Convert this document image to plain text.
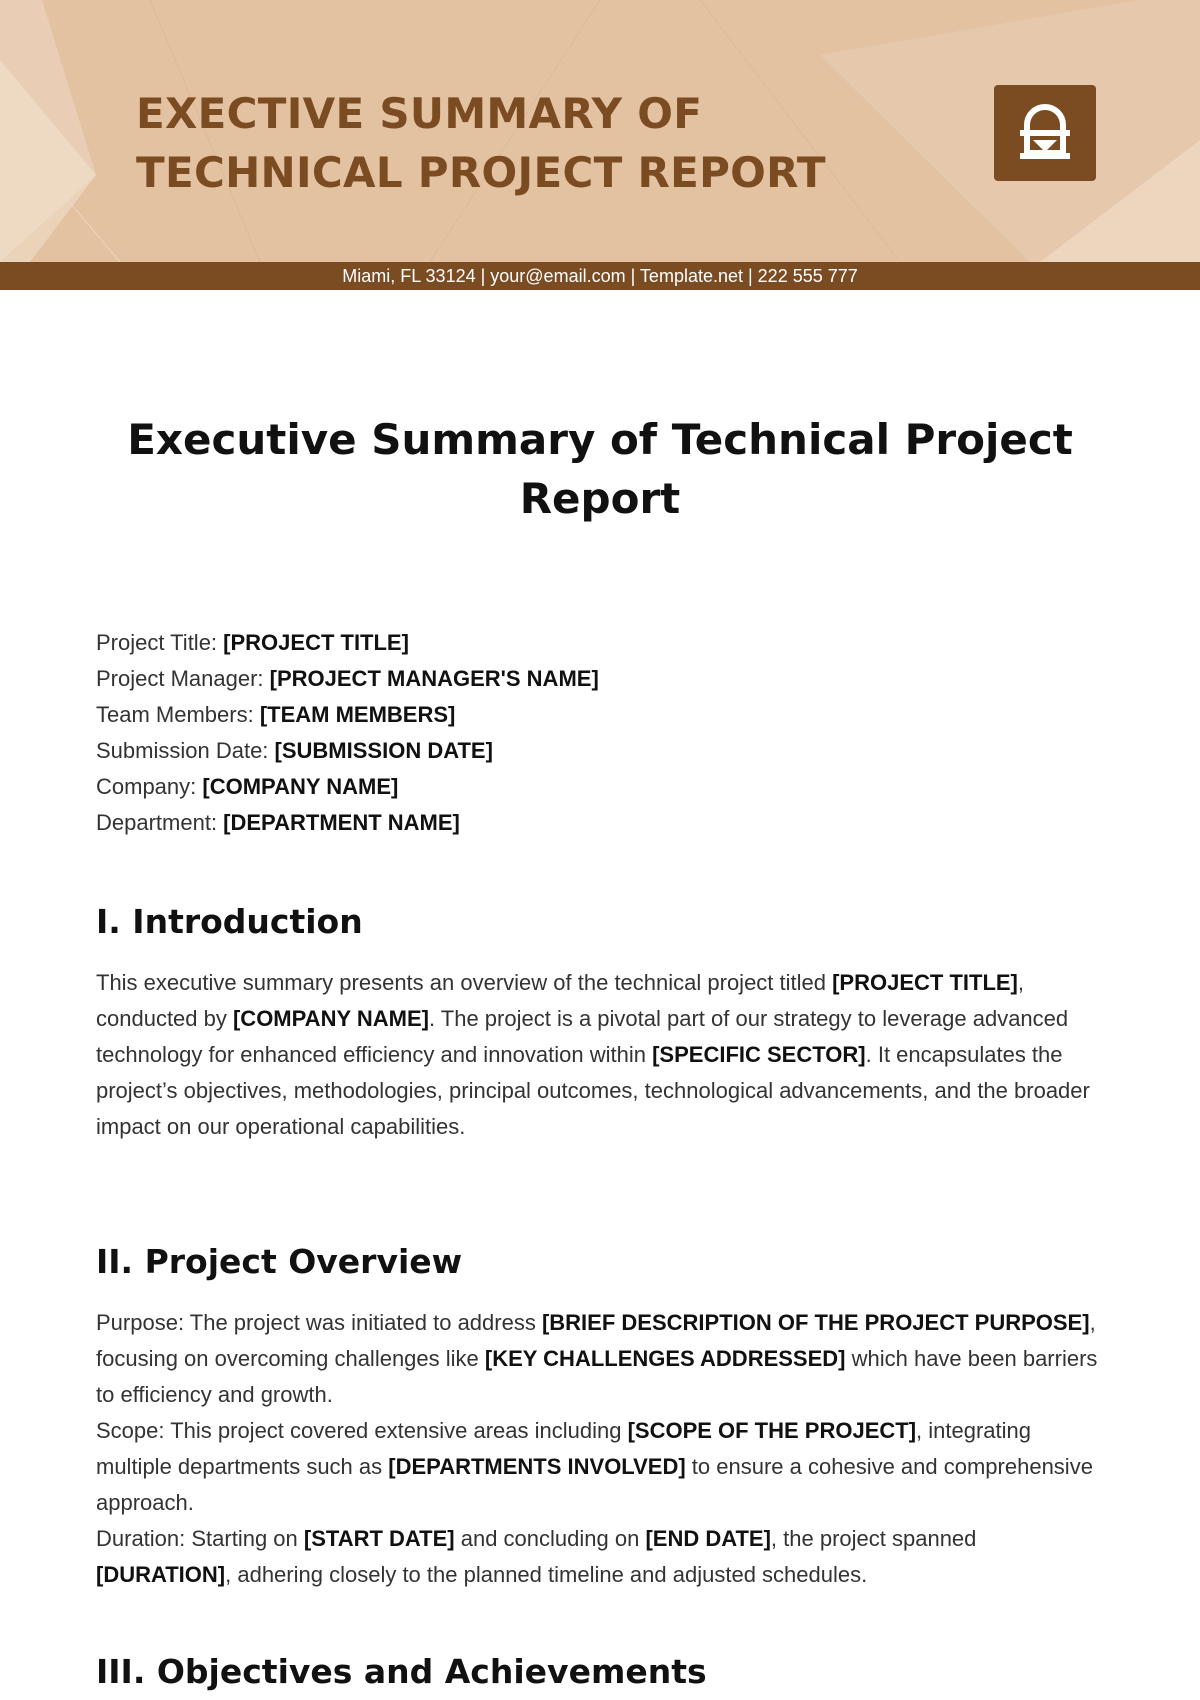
EXECTIVE SUMMARY OF
TECHNICAL PROJECT REPORT
Miami, FL 33124 | your@email.com | Template.net | 222 555 777
Executive Summary of Technical Project Report
Project Title: [PROJECT TITLE]
Project Manager: [PROJECT MANAGER'S NAME]
Team Members: [TEAM MEMBERS]
Submission Date: [SUBMISSION DATE]
Company: [COMPANY NAME]
Department: [DEPARTMENT NAME]
I. Introduction
This executive summary presents an overview of the technical project titled [PROJECT TITLE], conducted by [COMPANY NAME]. The project is a pivotal part of our strategy to leverage advanced technology for enhanced efficiency and innovation within [SPECIFIC SECTOR]. It encapsulates the project’s objectives, methodologies, principal outcomes, technological advancements, and the broader impact on our operational capabilities.
II. Project Overview
Purpose: The project was initiated to address [BRIEF DESCRIPTION OF THE PROJECT PURPOSE], focusing on overcoming challenges like [KEY CHALLENGES ADDRESSED] which have been barriers to efficiency and growth.
Scope: This project covered extensive areas including [SCOPE OF THE PROJECT], integrating multiple departments such as [DEPARTMENTS INVOLVED] to ensure a cohesive and comprehensive approach.
Duration: Starting on [START DATE] and concluding on [END DATE], the project spanned [DURATION], adhering closely to the planned timeline and adjusted schedules.
III. Objectives and Achievements
